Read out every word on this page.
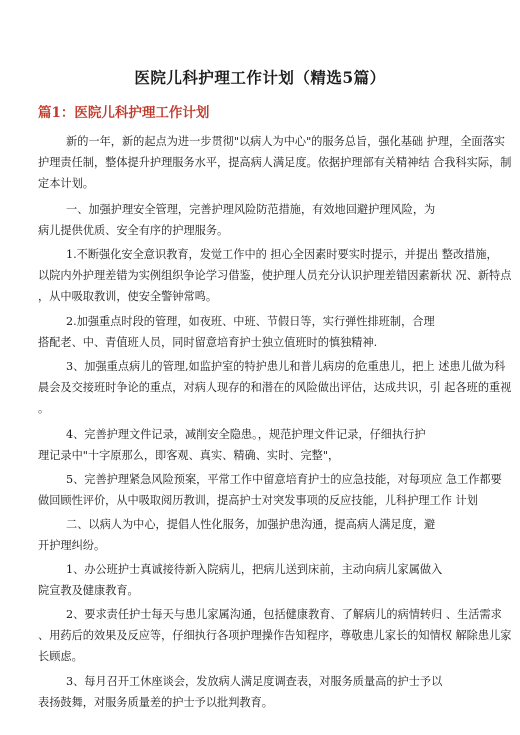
医院儿科护理工作计划（精选5篇）
篇1：医院儿科护理工作计划

新的一年，新的起点为进一步贯彻"以病人为中心"的服务总旨，强化基础 护理，全面落实
护理责任制，整体提升护理服务水平，提高病人满足度。依据护理部有关精神结 合我科实际，制
定本计划。

一、加强护理安全管理，完善护理风险防范措施，有效地回避护理风险，为
病儿提供优质、安全有序的护理服务。

1.不断强化安全意识教育，发觉工作中的 担心全因素时要实时提示，并提出 整改措施，
以院内外护理差错为实例组织争论学习借鉴，使护理人员充分认识护理差错因素新状 况、新特点
，从中吸取教训，使安全警钟常鸣。

2.加强重点时段的管理，如夜班、中班、节假日等，实行弹性排班制，合理
搭配老、中、青值班人员，同时留意培育护士独立值班时的慎独精神.

3、加强重点病儿的管理,如监护室的特护患儿和普儿病房的危重患儿，把上 述患儿做为科
晨会及交接班时争论的重点，对病人现存的和潜在的风险做出评估，达成共识，引 起各班的重视
。

4、完善护理文件记录，减削安全隐患。，规范护理文件记录，仔细执行护
理记录中"十字原那么，即客观、真实、精确、实时、完整"，

5、完善护理紧急风险预案，平常工作中留意培育护士的应急技能，对每项应 急工作都要
做回顾性评价，从中吸取阅历教训，提高护士对突发事项的反应技能，儿科护理工作 计划

二、以病人为中心，提倡人性化服务，加强护患沟通，提高病人满足度，避
开护理纠纷。

1、办公班护士真诚接待新入院病儿，把病儿送到床前，主动向病儿家属做入
院宣教及健康教育。

2、要求责任护士每天与患儿家属沟通，包括健康教育、了解病儿的病情转归 、生活需求
、用药后的效果及反应等，仔细执行各项护理操作告知程序，尊敬患儿家长的知情权 解除患儿家
长顾虑。

3、每月召开工休座谈会，发放病人满足度调查表，对服务质量高的护士予以
表扬鼓舞，对服务质量差的护士予以批判教育。
